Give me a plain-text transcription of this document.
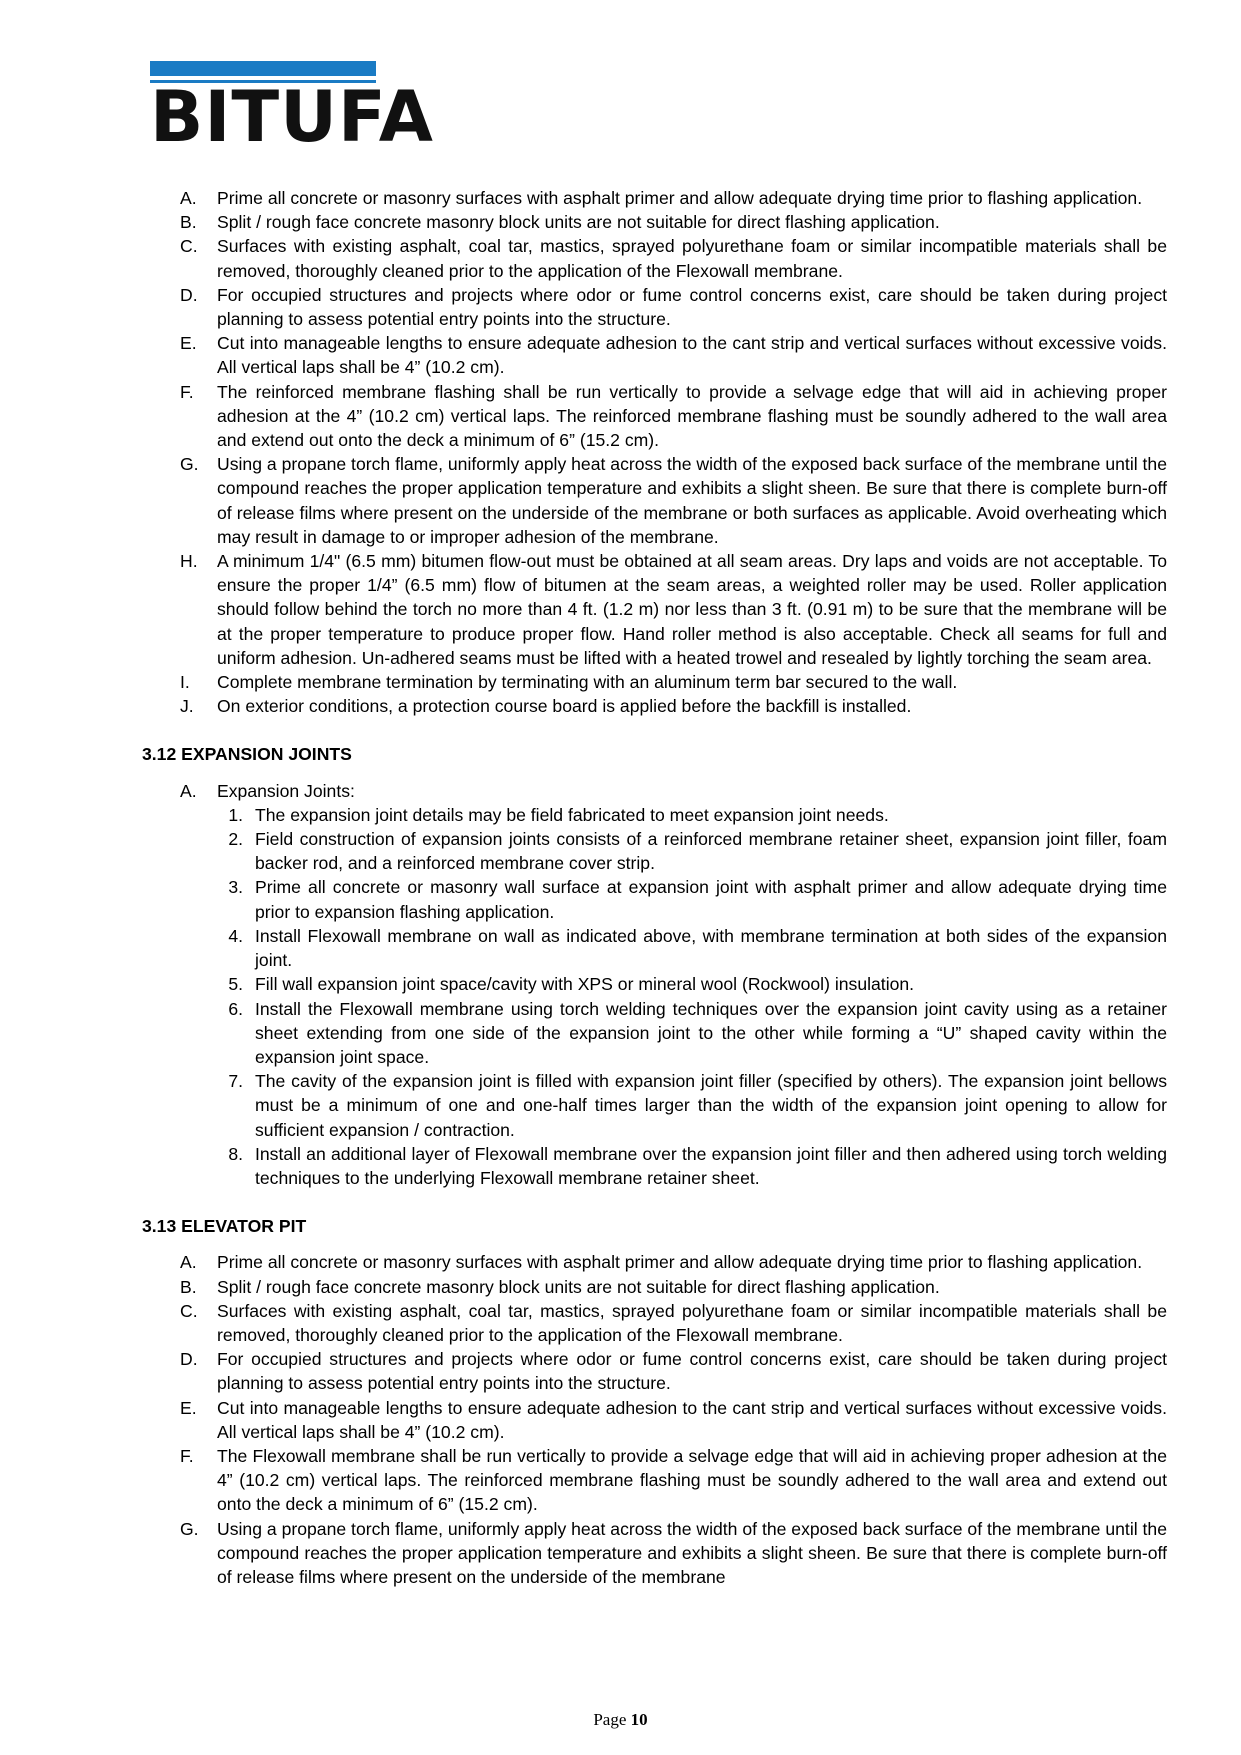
BITUFA
A. Prime all concrete or masonry surfaces with asphalt primer and allow adequate drying time prior to flashing application.
B. Split / rough face concrete masonry block units are not suitable for direct flashing application.
C. Surfaces with existing asphalt, coal tar, mastics, sprayed polyurethane foam or similar incompatible materials shall be removed, thoroughly cleaned prior to the application of the Flexowall membrane.
D. For occupied structures and projects where odor or fume control concerns exist, care should be taken during project planning to assess potential entry points into the structure.
E. Cut into manageable lengths to ensure adequate adhesion to the cant strip and vertical surfaces without excessive voids. All vertical laps shall be 4” (10.2 cm).
F. The reinforced membrane flashing shall be run vertically to provide a selvage edge that will aid in achieving proper adhesion at the 4” (10.2 cm) vertical laps. The reinforced membrane flashing must be soundly adhered to the wall area and extend out onto the deck a minimum of 6” (15.2 cm).
G. Using a propane torch flame, uniformly apply heat across the width of the exposed back surface of the membrane until the compound reaches the proper application temperature and exhibits a slight sheen. Be sure that there is complete burn-off of release films where present on the underside of the membrane or both surfaces as applicable. Avoid overheating which may result in damage to or improper adhesion of the membrane.
H. A minimum 1/4" (6.5 mm) bitumen flow-out must be obtained at all seam areas. Dry laps and voids are not acceptable. To ensure the proper 1/4” (6.5 mm) flow of bitumen at the seam areas, a weighted roller may be used. Roller application should follow behind the torch no more than 4 ft. (1.2 m) nor less than 3 ft. (0.91 m) to be sure that the membrane will be at the proper temperature to produce proper flow. Hand roller method is also acceptable. Check all seams for full and uniform adhesion. Un-adhered seams must be lifted with a heated trowel and resealed by lightly torching the seam area.
I. Complete membrane termination by terminating with an aluminum term bar secured to the wall.
J. On exterior conditions, a protection course board is applied before the backfill is installed.
3.12 EXPANSION JOINTS
A. Expansion Joints:
1. The expansion joint details may be field fabricated to meet expansion joint needs.
2. Field construction of expansion joints consists of a reinforced membrane retainer sheet, expansion joint filler, foam backer rod, and a reinforced membrane cover strip.
3. Prime all concrete or masonry wall surface at expansion joint with asphalt primer and allow adequate drying time prior to expansion flashing application.
4. Install Flexowall membrane on wall as indicated above, with membrane termination at both sides of the expansion joint.
5. Fill wall expansion joint space/cavity with XPS or mineral wool (Rockwool) insulation.
6. Install the Flexowall membrane using torch welding techniques over the expansion joint cavity using as a retainer sheet extending from one side of the expansion joint to the other while forming a “U” shaped cavity within the expansion joint space.
7. The cavity of the expansion joint is filled with expansion joint filler (specified by others). The expansion joint bellows must be a minimum of one and one-half times larger than the width of the expansion joint opening to allow for sufficient expansion / contraction.
8. Install an additional layer of Flexowall membrane over the expansion joint filler and then adhered using torch welding techniques to the underlying Flexowall membrane retainer sheet.
3.13 ELEVATOR PIT
A. Prime all concrete or masonry surfaces with asphalt primer and allow adequate drying time prior to flashing application.
B. Split / rough face concrete masonry block units are not suitable for direct flashing application.
C. Surfaces with existing asphalt, coal tar, mastics, sprayed polyurethane foam or similar incompatible materials shall be removed, thoroughly cleaned prior to the application of the Flexowall membrane.
D. For occupied structures and projects where odor or fume control concerns exist, care should be taken during project planning to assess potential entry points into the structure.
E. Cut into manageable lengths to ensure adequate adhesion to the cant strip and vertical surfaces without excessive voids. All vertical laps shall be 4” (10.2 cm).
F. The Flexowall membrane shall be run vertically to provide a selvage edge that will aid in achieving proper adhesion at the 4” (10.2 cm) vertical laps. The reinforced membrane flashing must be soundly adhered to the wall area and extend out onto the deck a minimum of 6” (15.2 cm).
G. Using a propane torch flame, uniformly apply heat across the width of the exposed back surface of the membrane until the compound reaches the proper application temperature and exhibits a slight sheen. Be sure that there is complete burn-off of release films where present on the underside of the membrane
Page 10
